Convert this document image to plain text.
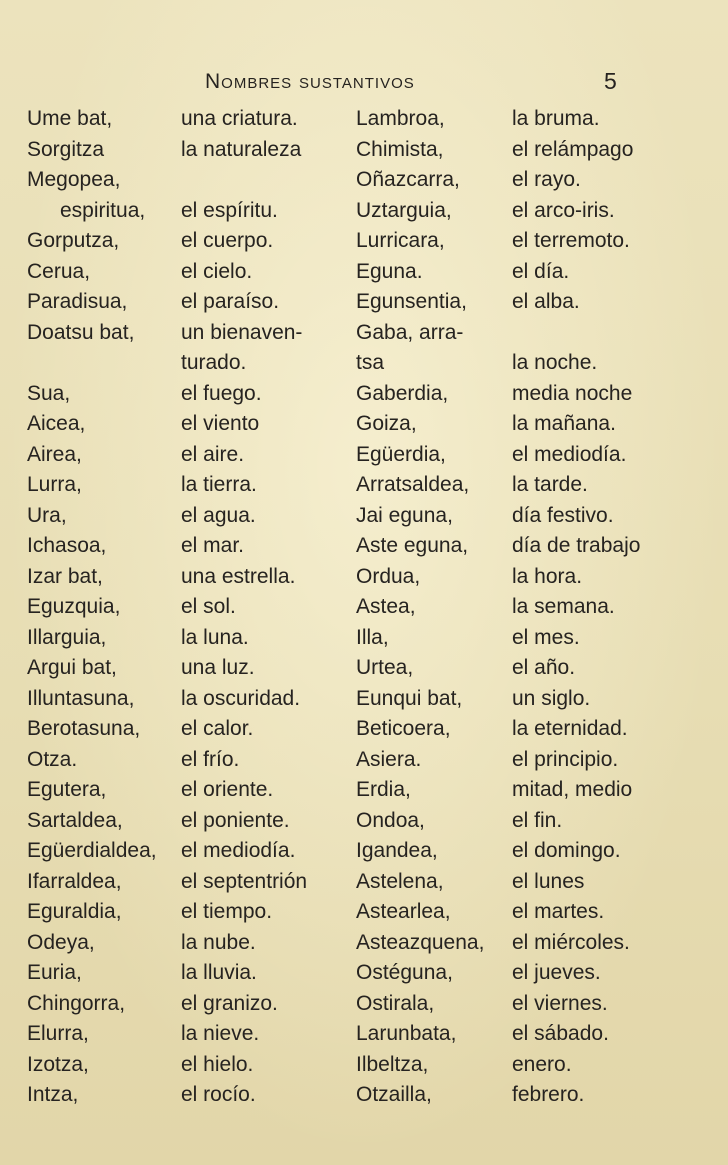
Nombres sustantivos	5
Ume bat,
Sorgitza
Megopea,
espiritua,
Gorputza,
Cerua,
Paradisua,
Doatsu bat,
Sua,
Aicea,
Airea,
Lurra,
Ura,
Ichasoa,
Izar bat,
Eguzquia,
Illarguia,
Argui bat,
Illuntasuna,
Berotasuna,
Otza.
Egutera,
Sartaldea,
Egüerdialdea,
Ifarraldea,
Eguraldia,
Odeya,
Euria,
Chingorra,
Elurra,
Izotza,
Intza,
una criatura.
la naturaleza
el espíritu.
el cuerpo.
el cielo.
el paraíso.
un bienaven-
turado.
el fuego.
el viento
el aire.
la tierra.
el agua.
el mar.
una estrella.
el sol.
la luna.
una luz.
la oscuridad.
el calor.
el frío.
el oriente.
el poniente.
el mediodía.
el septentrión
el tiempo.
la nube.
la lluvia.
el granizo.
la nieve.
el hielo.
el rocío.
Lambroa,
Chimista,
Oñazcarra,
Uztarguia,
Lurricara,
Eguna.
Egunsentia,
Gaba, arra-
tsa
Gaberdia,
Goiza,
Egüerdia,
Arratsaldea,
Jai eguna,
Aste eguna,
Ordua,
Astea,
Illa,
Urtea,
Eunqui bat,
Beticoera,
Asiera.
Erdia,
Ondoa,
Igandea,
Astelena,
Astearlea,
Asteazquena,
Ostéguna,
Ostirala,
Larunbata,
Ilbeltza,
Otzailla,
la bruma.
el relámpago
el rayo.
el arco-iris.
el terremoto.
el día.
el alba.
la noche.
media noche
la mañana.
el mediodía.
la tarde.
día festivo.
día de trabajo
la hora.
la semana.
el mes.
el año.
un siglo.
la eternidad.
el principio.
mitad, medio
el fin.
el domingo.
el lunes
el martes.
el miércoles.
el jueves.
el viernes.
el sábado.
enero.
febrero.
